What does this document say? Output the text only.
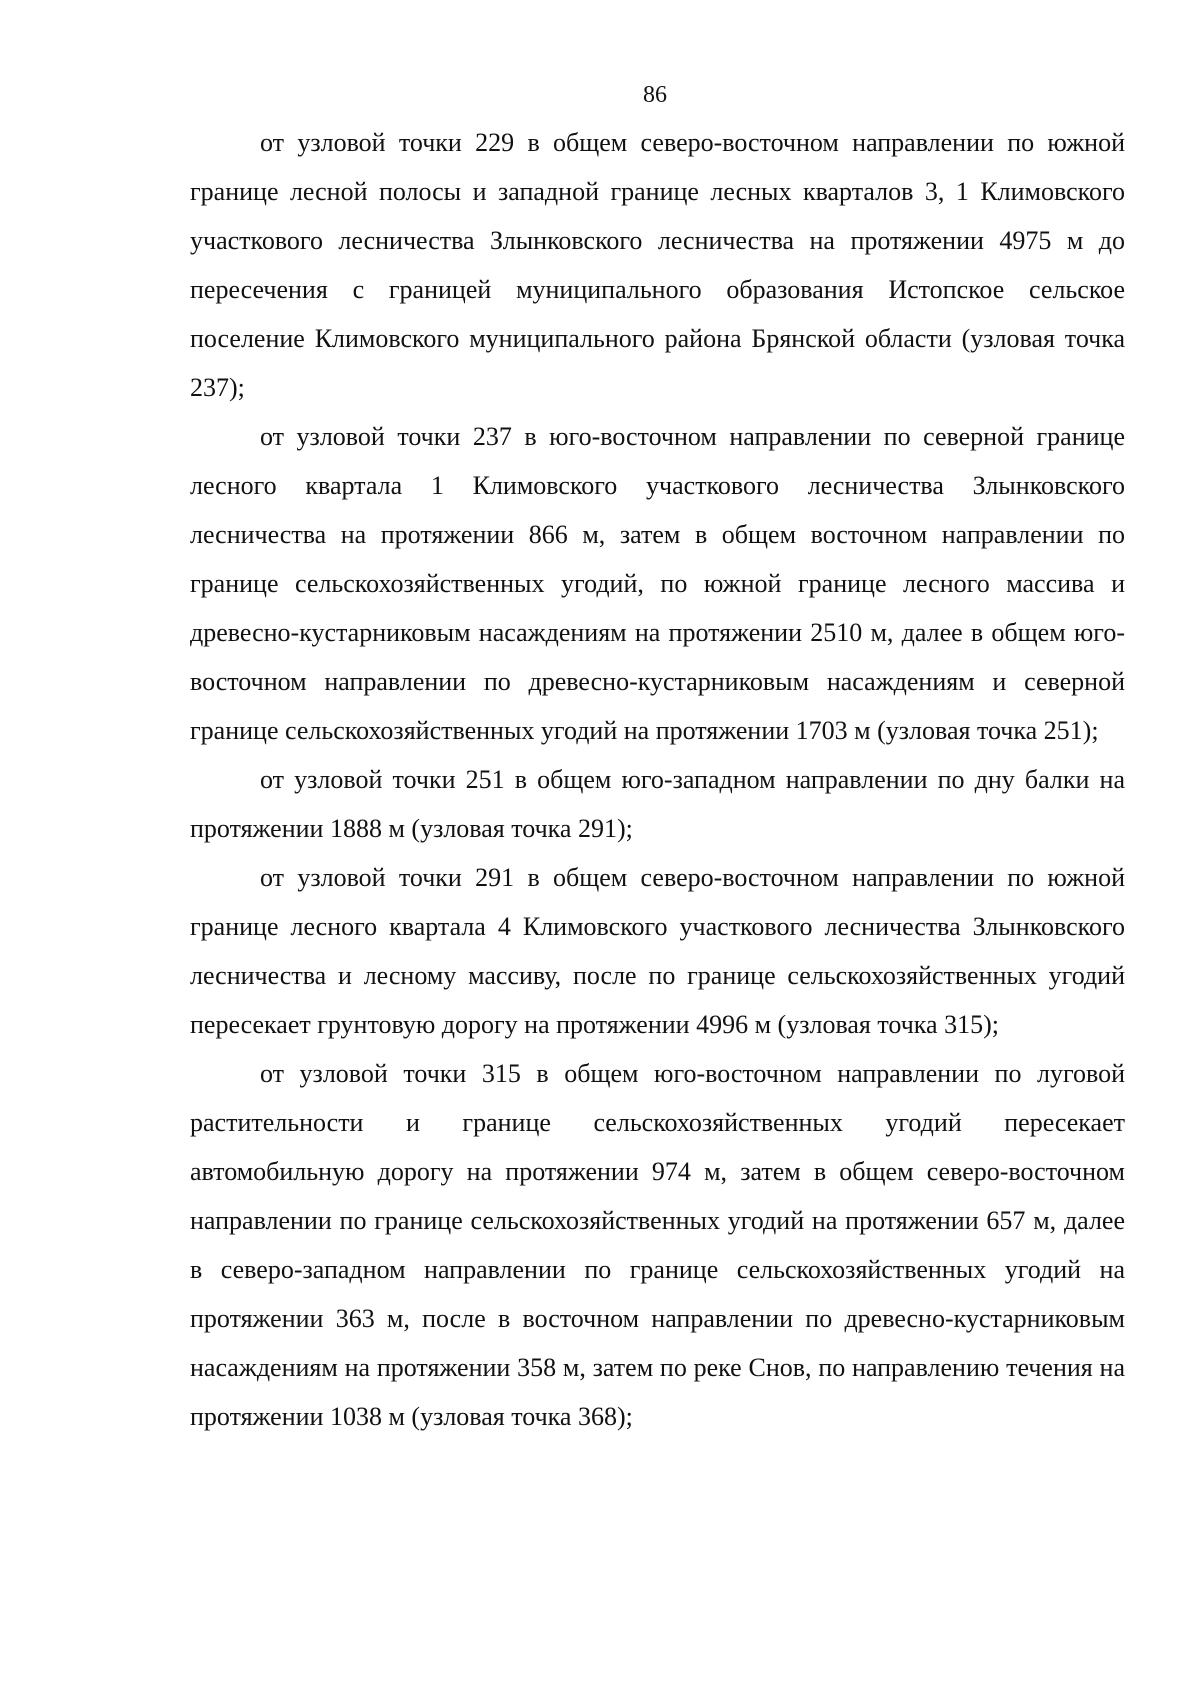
86

от узловой точки 229 в общем северо-восточном направлении по южной границе лесной полосы и западной границе лесных кварталов 3, 1 Климовского участкового лесничества Злынковского лесничества на протяжении 4975 м до пересечения с границей муниципального образования Истопское сельское поселение Климовского муниципального района Брянской области (узловая точка 237);

от узловой точки 237 в юго-восточном направлении по северной границе лесного квартала 1 Климовского участкового лесничества Злынковского лесничества на протяжении 866 м, затем в общем восточном направлении по границе сельскохозяйственных угодий, по южной границе лесного массива и древесно-кустарниковым насаждениям на протяжении 2510 м, далее в общем юго-восточном направлении по древесно-кустарниковым насаждениям и северной границе сельскохозяйственных угодий на протяжении 1703 м (узловая точка 251);

от узловой точки 251 в общем юго-западном направлении по дну балки на протяжении 1888 м (узловая точка 291);

от узловой точки 291 в общем северо-восточном направлении по южной границе лесного квартала 4 Климовского участкового лесничества Злынковского лесничества и лесному массиву, после по границе сельскохозяйственных угодий пересекает грунтовую дорогу на протяжении 4996 м (узловая точка 315);

от узловой точки 315 в общем юго-восточном направлении по луговой растительности и границе сельскохозяйственных угодий пересекает автомобильную дорогу на протяжении 974 м, затем в общем северо-восточном направлении по границе сельскохозяйственных угодий на протяжении 657 м, далее в северо-западном направлении по границе сельскохозяйственных угодий на протяжении 363 м, после в восточном направлении по древесно-кустарниковым насаждениям на протяжении 358 м, затем по реке Снов, по направлению течения на протяжении 1038 м (узловая точка 368);
